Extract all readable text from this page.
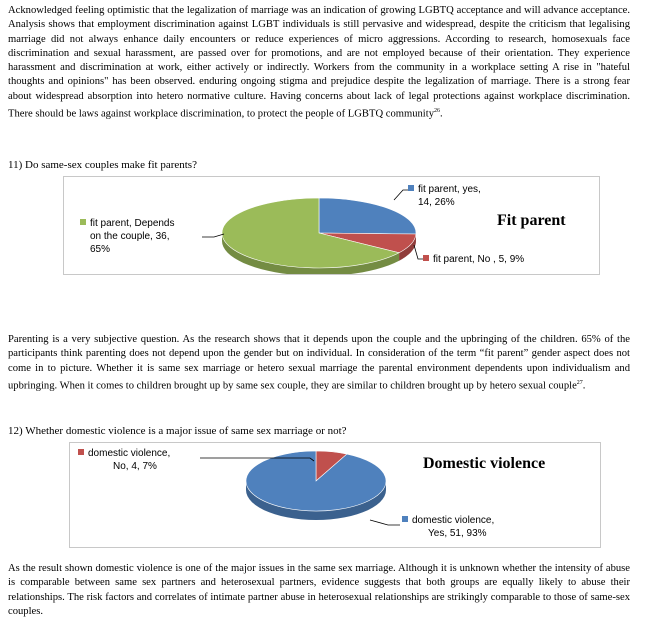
Acknowledged feeling optimistic that the legalization of marriage was an indication of growing LGBTQ acceptance and will advance acceptance. Analysis shows that employment discrimination against LGBT individuals is still pervasive and widespread, despite the criticism that legalising marriage did not always enhance daily encounters or reduce experiences of micro aggressions. According to research, homosexuals face discrimination and sexual harassment, are passed over for promotions, and are not employed because of their orientation. They experience harassment and discrimination at work, either actively or indirectly. Workers from the community in a workplace setting A rise in "hateful thoughts and opinions" has been observed. enduring ongoing stigma and prejudice despite the legalization of marriage. There is a strong fear about widespread absorption into hetero normative culture. Having concerns about lack of legal protections against workplace discrimination. There should be laws against workplace discrimination, to protect the people of LGBTQ community$^{26}$.

11) Do same-sex couples make fit parents?
Fit parent
fit parent, yes,
14, 26%
fit parent, No , 5, 9%
fit parent, Depends
on the couple, 36,
65%

Parenting is a very subjective question. As the research shows that it depends upon the couple and the upbringing of the children. 65% of the participants think parenting does not depend upon the gender but on individual. In consideration of the term “fit parent” gender aspect does not come in to picture. Whether it is same sex marriage or hetero sexual marriage the parental environment dependents upon individualism and upbringing. When it comes to children brought up by same sex couple, they are similar to children brought up by hetero sexual couple$^{27}$.

12) Whether domestic violence is a major issue of same sex marriage or not?
Domestic violence
domestic violence,
No, 4, 7%
domestic violence,
Yes, 51, 93%

As the result shown domestic violence is one of the major issues in the same sex marriage. Although it is unknown whether the intensity of abuse is comparable between same sex partners and heterosexual partners, evidence suggests that both groups are equally likely to abuse their relationships. The risk factors and correlates of intimate partner abuse in heterosexual relationships are strikingly comparable to those of same-sex couples.
